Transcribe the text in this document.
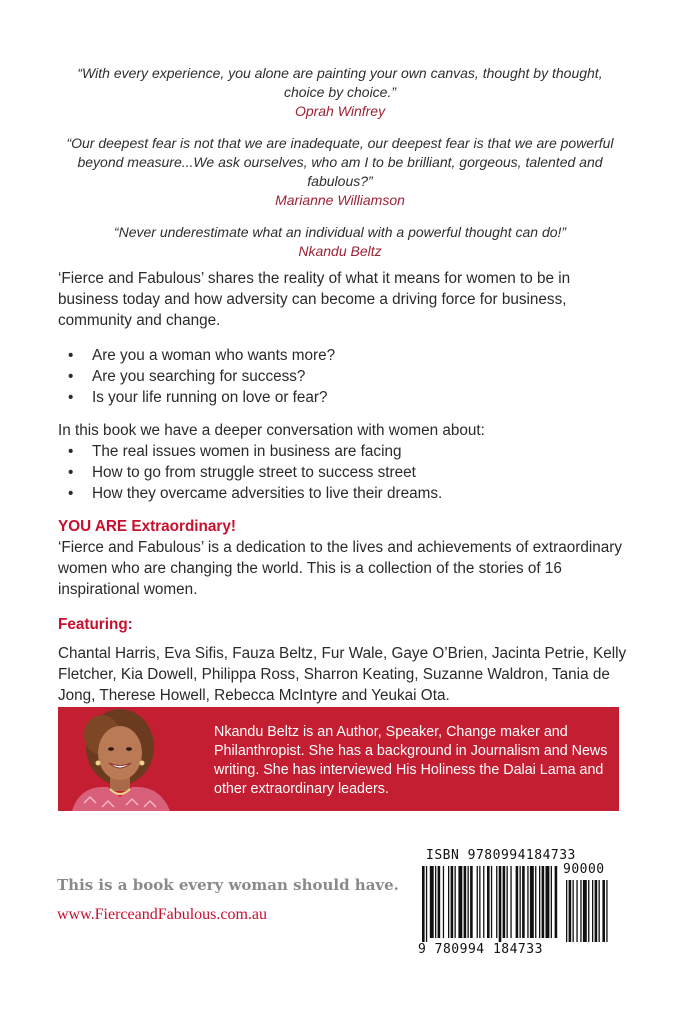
“With every experience, you alone are painting your own canvas, thought by thought, choice by choice.”
Oprah Winfrey
“Our deepest fear is not that we are inadequate, our deepest fear is that we are powerful beyond measure...We ask ourselves, who am I to be brilliant, gorgeous, talented and fabulous?”
Marianne Williamson
“Never underestimate what an individual with a powerful thought can do!”
Nkandu Beltz

‘Fierce and Fabulous’ shares the reality of what it means for women to be in business today and how adversity can become a driving force for business, community and change.

• Are you a woman who wants more?
• Are you searching for success?
• Is your life running on love or fear?

In this book we have a deeper conversation with women about:

• The real issues women in business are facing
• How to go from struggle street to success street
• How they overcame adversities to live their dreams.
YOU ARE Extraordinary!

‘Fierce and Fabulous’ is a dedication to the lives and achievements of extraordinary women who are changing the world. This is a collection of the stories of 16 inspirational women.

Featuring:

Chantal Harris, Eva Sifis, Fauza Beltz, Fur Wale, Gaye O’Brien, Jacinta Petrie, Kelly Fletcher, Kia Dowell, Philippa Ross, Sharron Keating, Suzanne Waldron, Tania de Jong, Therese Howell, Rebecca McIntyre and Yeukai Ota.

Nkandu Beltz is an Author, Speaker, Change maker and Philanthropist. She has a background in Journalism and News writing. She has interviewed His Holiness the Dalai Lama and other extraordinary leaders.

This is a book every woman should have.
www.FierceandFabulous.com.au
ISBN 9780994184733
90000
9 780994 184733
